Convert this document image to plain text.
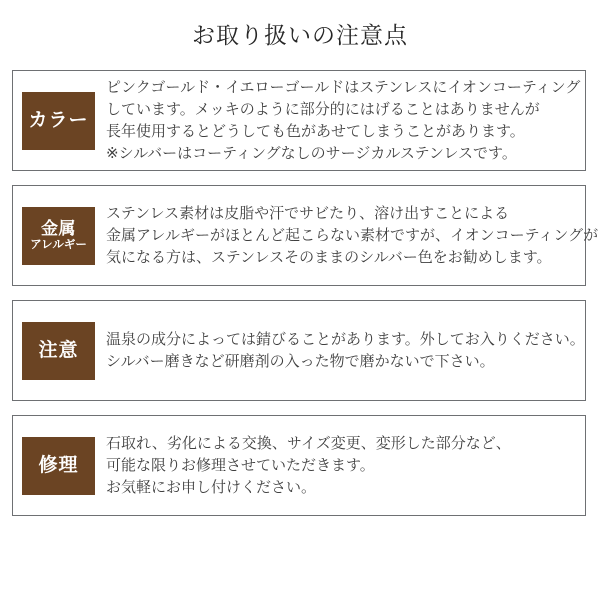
お取り扱いの注意点
カラー
ピンクゴールド・イエローゴールドはステンレスにイオンコーティング
しています。メッキのように部分的にはげることはありませんが
長年使用するとどうしても色があせてしまうことがあります。
※シルバーはコーティングなしのサージカルステンレスです。
金属
アレルギー
ステンレス素材は皮脂や汗でサビたり、溶け出すことによる
金属アレルギーがほとんど起こらない素材ですが、イオンコーティングが
気になる方は、ステンレスそのままのシルバー色をお勧めします。
注意
温泉の成分によっては錆びることがあります。外してお入りください。
シルバー磨きなど研磨剤の入った物で磨かないで下さい。
修理
石取れ、劣化による交換、サイズ変更、変形した部分など、
可能な限りお修理させていただきます。
お気軽にお申し付けください。
